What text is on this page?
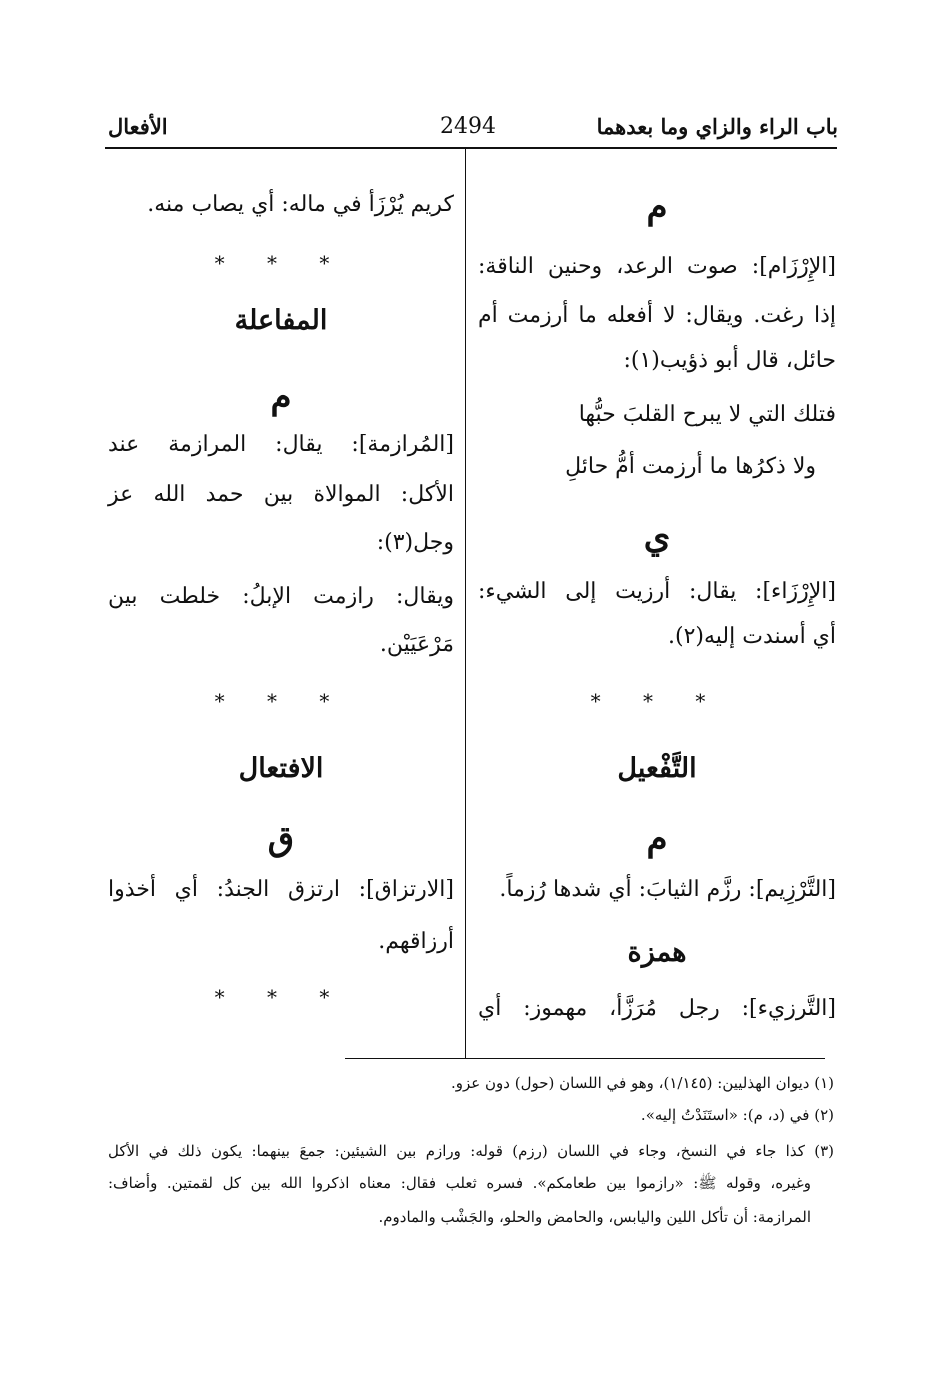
باب الراء والزاي وما بعدهما
2494
الأفعال
م
[الإِرْزَام]: صوت الرعد، وحنين الناقة:
إذا رغت. ويقال: لا أفعله ما أرزمت أم
حائل، قال أبو ذؤيب(١):
فتلك التي لا يبرح القلبَ حبُّها
ولا ذكرُها ما أرزمت أمُّ حائلِ
ي
[الإِرْزَاء]: يقال: أرزيت إلى الشيء:
أي أسندت إليه(٢).
* * *
التَّفْعيل
م
[التَّرْزِيم]: رزَّم الثيابَ: أي شدها رُزماً.
همزة
[التَّرزيء]: رجل مُرَزَّأ، مهموز: أي
كريم يُرْزَأ في ماله: أي يصاب منه.
* * *
المفاعلة
م
[المُرازمة]: يقال: المرازمة عند
الأكل: الموالاة بين حمد الله عز
وجل(٣):
ويقال: رازمت الإبلُ: خلطت بين
مَرْعَيَيْن.
* * *
الافتعال
ق
[الارتزاق]: ارتزق الجندُ: أي أخذوا
أرزاقهم.
* * *
(١) ديوان الهذليين: (١/١٤٥)، وهو في اللسان (حول) دون عزو.
(٢) في (د، م): «استَنَدْتُ إليه».
(٣) كذا جاء في النسخ، وجاء في اللسان (رزم) قوله: ورازم بين الشيئين: جمعَ بينهما: يكون ذلك في الأكل
وغيره، وقوله ﷺ: «رازموا بين طعامكم». فسره ثعلب فقال: معناه اذكروا الله بين كل لقمتين. وأضاف:
المرازمة: أن تأكل اللين واليابس، والحامض والحلو، والجَشْب والمادوم.
